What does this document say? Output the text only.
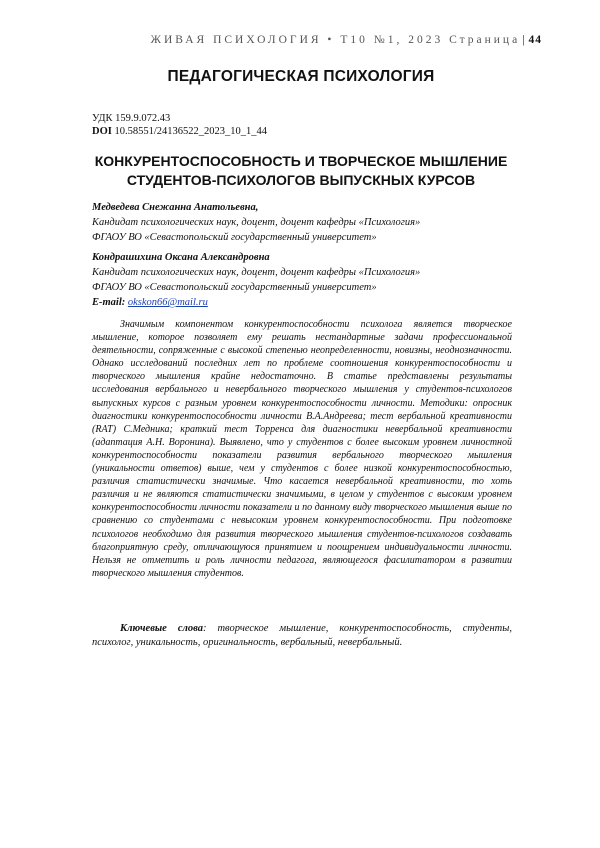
ЖИВАЯ ПСИХОЛОГИЯ • Т10 №1, 2023 Страница | 44
ПЕДАГОГИЧЕСКАЯ ПСИХОЛОГИЯ
УДК 159.9.072.43
DOI 10.58551/24136522_2023_10_1_44
КОНКУРЕНТОСПОСОБНОСТЬ И ТВОРЧЕСКОЕ МЫШЛЕНИЕ
СТУДЕНТОВ-ПСИХОЛОГОВ ВЫПУСКНЫХ КУРСОВ
Медведева Снежанна Анатольевна,
Кандидат психологических наук, доцент, доцент кафедры «Психология»
ФГАОУ ВО «Севастопольский государственный университет»
Кондрашихина Оксана Александровна
Кандидат психологических наук, доцент, доцент кафедры «Психология»
ФГАОУ ВО «Севастопольский государственный университет»
E-mail: okskon66@mail.ru

Значимым компонентом конкурентоспособности психолога является творческое мышление, которое позволяет ему решать нестандартные задачи профессиональной деятельности, сопряженные с высокой степенью неопределенности, новизны, неоднозначности. Однако исследований последних лет по проблеме соотношения конкурентоспособности и творческого мышления крайне недостаточно. В статье представлены результаты исследования вербального и невербального творческого мышления у студентов-психологов выпускных курсов с разным уровнем конкурентоспособности личности. Методики: опросник диагностики конкурентоспособности личности В.А.Андреева; тест вербальной креативности (RAT) С.Медника; краткий тест Торренса для диагностики невербальной креативности (адаптация А.Н. Воронина). Выявлено, что у студентов с более высоким уровнем личностной конкурентоспособности показатели развития вербального творческого мышления (уникальности ответов) выше, чем у студентов с более низкой конкурентоспособностью, различия статистически значимые. Что касается невербальной креативности, то хоть различия и не являются статистически значимыми, в целом у студентов с высоким уровнем конкурентоспособности личности показатели и по данному виду творческого мышления выше по сравнению со студентами с невысоким уровнем конкурентоспособности. При подготовке психологов необходимо для развития творческого мышления студентов-психологов создавать благоприятную среду, отличающуюся принятием и поощрением индивидуальности личности. Нельзя не отметить и роль личности педагога, являющегося фасилитатором в развитии творческого мышления студентов.

Ключевые слова: творческое мышление, конкурентоспособность, студенты, психолог, уникальность, оригинальность, вербальный, невербальный.
